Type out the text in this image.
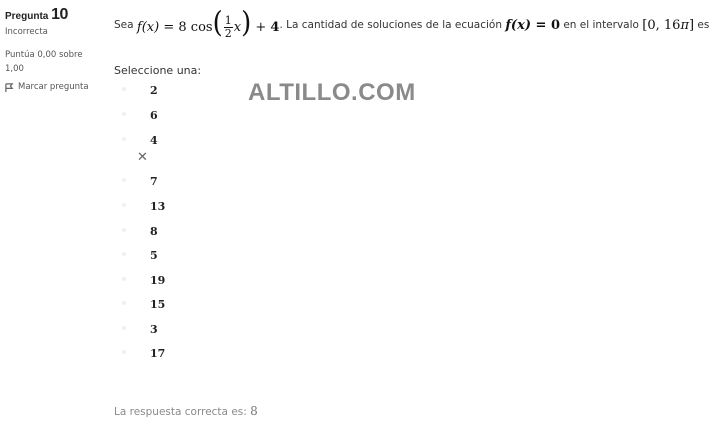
Pregunta 10
Incorrecta
Puntúa 0,00 sobre 1,00
Marcar pregunta
Sea
f(x) = 8 $\cos( \frac{1}{2} x) + 4$ . La cantidad de soluciones de la ecuación
f(x) = 0
en el intervalo
[0, 16π]
es
Seleccione una:
2
6
4
7
13
8
5
19
15
3
17
✕
ALTILLO.COM
La respuesta correcta es: 8
